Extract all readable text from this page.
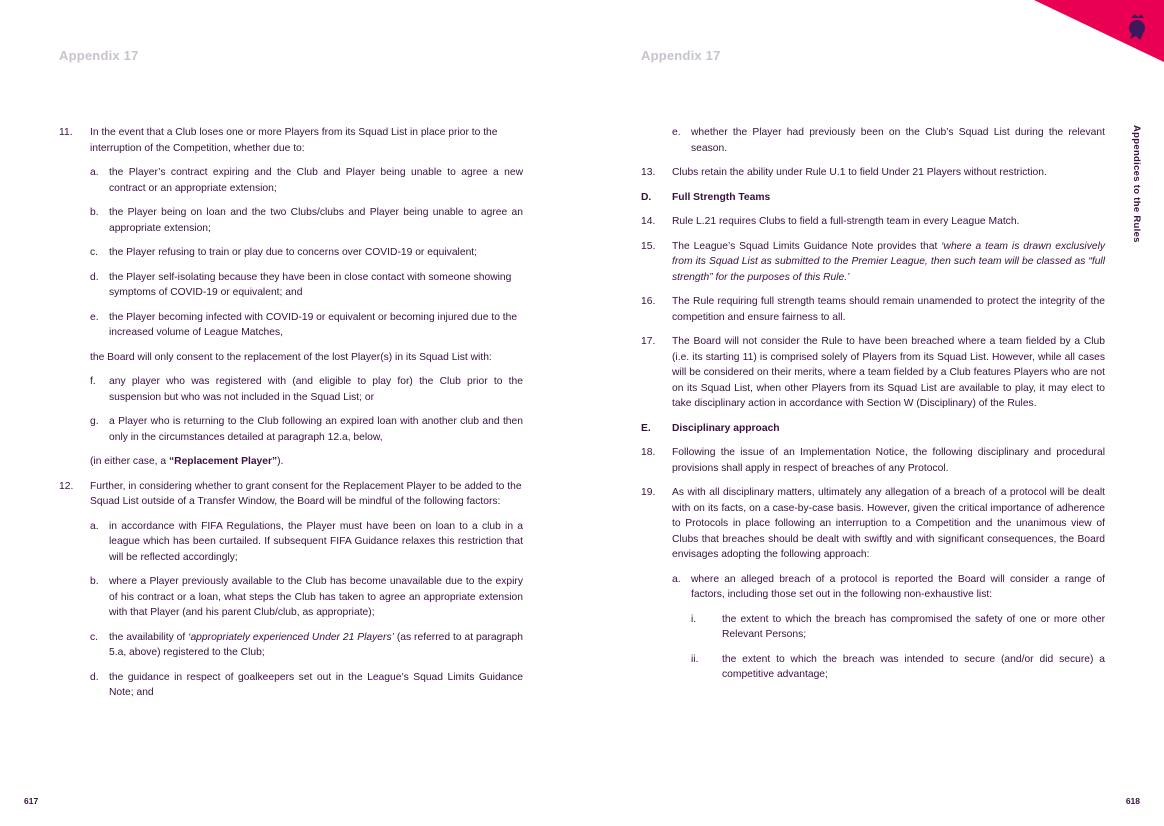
Appendix 17
11. In the event that a Club loses one or more Players from its Squad List in place prior to the interruption of the Competition, whether due to:
a. the Player’s contract expiring and the Club and Player being unable to agree a new contract or an appropriate extension;
b. the Player being on loan and the two Clubs/clubs and Player being unable to agree an appropriate extension;
c. the Player refusing to train or play due to concerns over COVID-19 or equivalent;
d. the Player self-isolating because they have been in close contact with someone showing symptoms of COVID-19 or equivalent; and
e. the Player becoming infected with COVID-19 or equivalent or becoming injured due to the increased volume of League Matches,
the Board will only consent to the replacement of the lost Player(s) in its Squad List with:
f. any player who was registered with (and eligible to play for) the Club prior to the suspension but who was not included in the Squad List; or
g. a Player who is returning to the Club following an expired loan with another club and then only in the circumstances detailed at paragraph 12.a, below,
(in either case, a “Replacement Player”).
12. Further, in considering whether to grant consent for the Replacement Player to be added to the Squad List outside of a Transfer Window, the Board will be mindful of the following factors:
a. in accordance with FIFA Regulations, the Player must have been on loan to a club in a league which has been curtailed. If subsequent FIFA Guidance relaxes this restriction that will be reflected accordingly;
b. where a Player previously available to the Club has become unavailable due to the expiry of his contract or a loan, what steps the Club has taken to agree an appropriate extension with that Player (and his parent Club/club, as appropriate);
c. the availability of ‘appropriately experienced Under 21 Players’ (as referred to at paragraph 5.a, above) registered to the Club;
d. the guidance in respect of goalkeepers set out in the League’s Squad Limits Guidance Note; and
617
Appendix 17
e. whether the Player had previously been on the Club’s Squad List during the relevant season.
13. Clubs retain the ability under Rule U.1 to field Under 21 Players without restriction.
D. Full Strength Teams
14. Rule L.21 requires Clubs to field a full-strength team in every League Match.
15. The League’s Squad Limits Guidance Note provides that ‘where a team is drawn exclusively from its Squad List as submitted to the Premier League, then such team will be classed as “full strength” for the purposes of this Rule.’
16. The Rule requiring full strength teams should remain unamended to protect the integrity of the competition and ensure fairness to all.
17. The Board will not consider the Rule to have been breached where a team fielded by a Club (i.e. its starting 11) is comprised solely of Players from its Squad List. However, while all cases will be considered on their merits, where a team fielded by a Club features Players who are not on its Squad List, when other Players from its Squad List are available to play, it may elect to take disciplinary action in accordance with Section W (Disciplinary) of the Rules.
E. Disciplinary approach
18. Following the issue of an Implementation Notice, the following disciplinary and procedural provisions shall apply in respect of breaches of any Protocol.
19. As with all disciplinary matters, ultimately any allegation of a breach of a protocol will be dealt with on its facts, on a case-by-case basis. However, given the critical importance of adherence to Protocols in place following an interruption to a Competition and the unanimous view of Clubs that breaches should be dealt with swiftly and with significant consequences, the Board envisages adopting the following approach:
a. where an alleged breach of a protocol is reported the Board will consider a range of factors, including those set out in the following non-exhaustive list:
i.	the extent to which the breach has compromised the safety of one or more other Relevant Persons;
ii. the extent to which the breach was intended to secure (and/or did secure) a competitive advantage;
618
Appendices to the Rules
